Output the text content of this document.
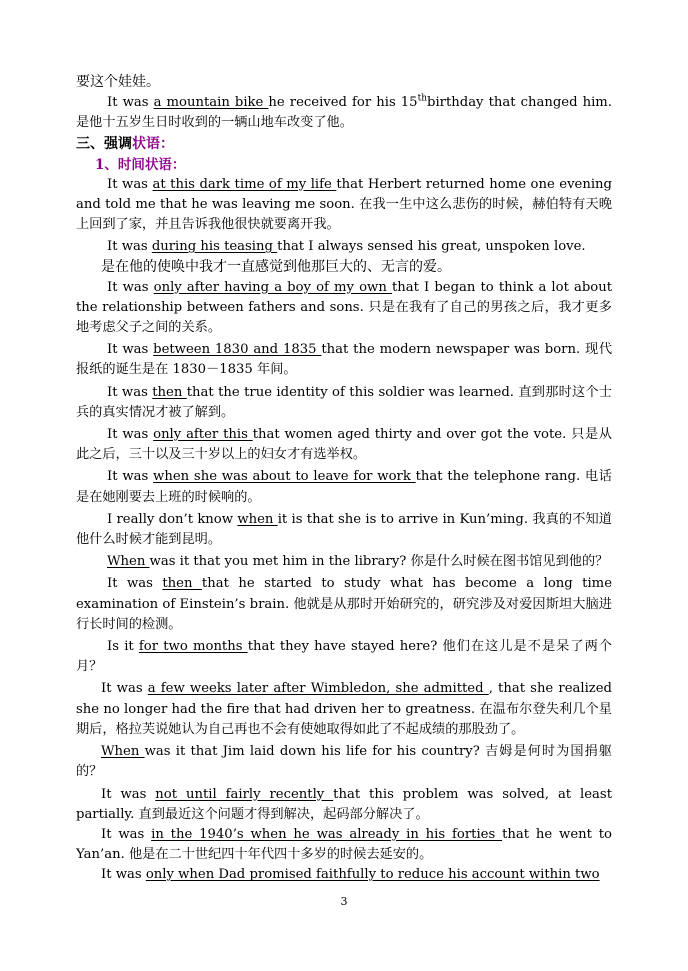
要这个娃娃。

It was a mountain bike he received for his 15thbirthday that changed him. 是他十五岁生日时收到的一辆山地车改变了他。

三、强调状语：

1、时间状语：

It was at this dark time of my life that Herbert returned home one evening and told me that he was leaving me soon. 在我一生中这么悲伤的时候，赫伯特有天晚上回到了家，并且告诉我他很快就要离开我。

It was during his teasing that I always sensed his great, unspoken love.

是在他的使唤中我才一直感觉到他那巨大的、无言的爱。

It was only after having a boy of my own that I began to think a lot about the relationship between fathers and sons. 只是在我有了自己的男孩之后，我才更多地考虑父子之间的关系。

It was between 1830 and 1835 that the modern newspaper was born. 现代报纸的诞生是在 1830－1835 年间。

It was then that the true identity of this soldier was learned. 直到那时这个士兵的真实情况才被了解到。

It was only after this that women aged thirty and over got the vote. 只是从此之后，三十以及三十岁以上的妇女才有选举权。

It was when she was about to leave for work that the telephone rang. 电话是在她刚要去上班的时候响的。

I really don’t know when it is that she is to arrive in Kun’ming. 我真的不知道他什么时候才能到昆明。

When was it that you met him in the library? 你是什么时候在图书馆见到他的？

It was then that he started to study what has become a long time examination of Einstein’s brain. 他就是从那时开始研究的，研究涉及对爱因斯坦大脑进行长时间的检测。

Is it for two months that they have stayed here? 他们在这儿是不是呆了两个月？

It was a few weeks later after Wimbledon, she admitted , that she realized she no longer had the fire that had driven her to greatness. 在温布尔登失利几个星期后，格拉芙说她认为自己再也不会有使她取得如此了不起成绩的那股劲了。

When was it that Jim laid down his life for his country? 吉姆是何时为国捐躯的？

It was not until fairly recently that this problem was solved, at least partially. 直到最近这个问题才得到解决，起码部分解决了。

It was in the 1940’s when he was already in his forties that he went to Yan’an. 他是在二十世纪四十年代四十多岁的时候去延安的。

It was only when Dad promised faithfully to reduce his account within two

3
